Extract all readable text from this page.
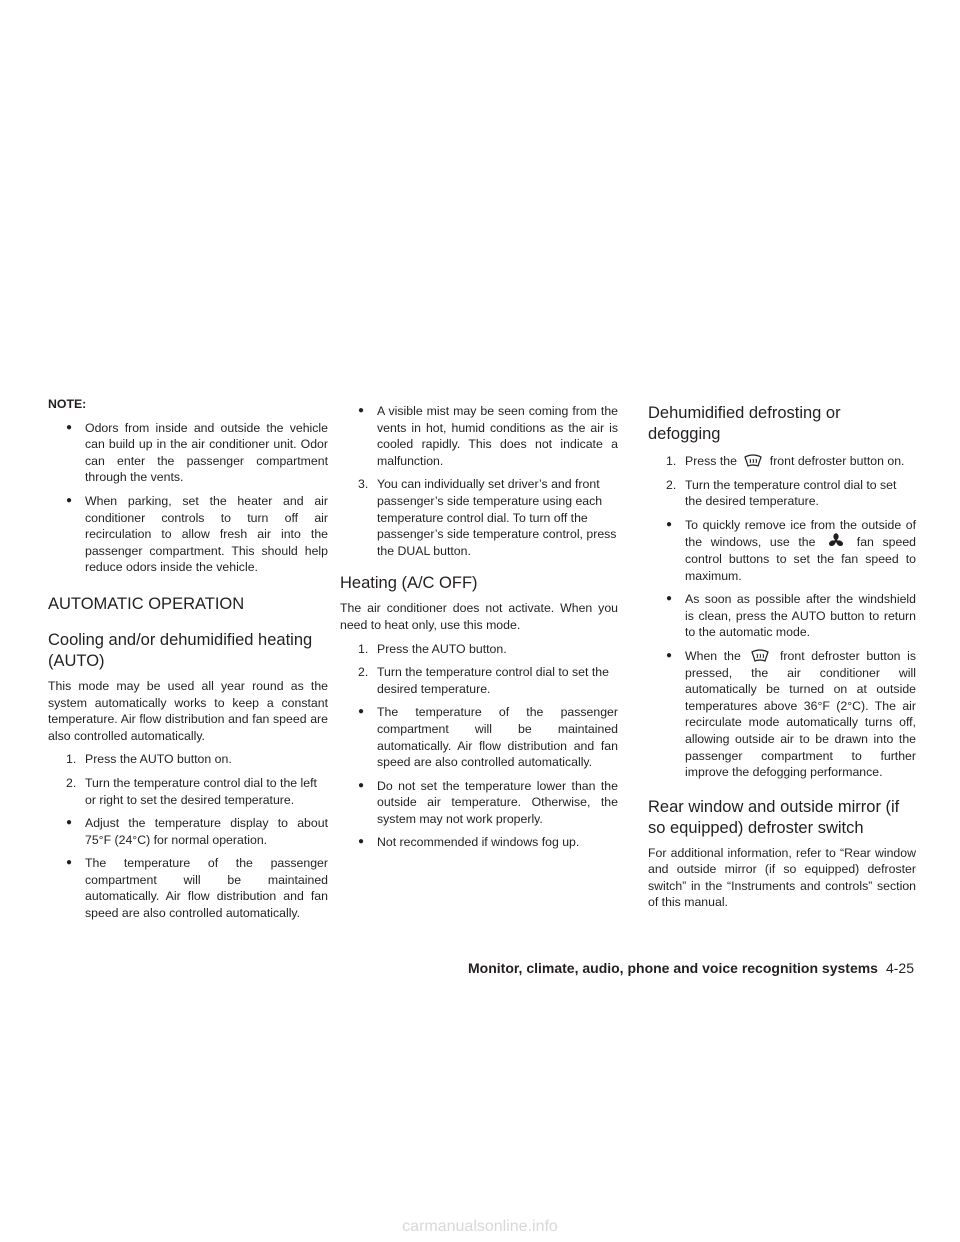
NOTE:

● Odors from inside and outside the vehicle can build up in the air conditioner unit. Odor can enter the passenger compartment through the vents.

● When parking, set the heater and air conditioner controls to turn off air recirculation to allow fresh air into the passenger compartment. This should help reduce odors inside the vehicle.

AUTOMATIC OPERATION
Cooling and/or dehumidified heating (AUTO)

This mode may be used all year round as the system automatically works to keep a constant temperature. Air flow distribution and fan speed are also controlled automatically.

1. Press the AUTO button on.
2. Turn the temperature control dial to the left or right to set the desired temperature.

● Adjust the temperature display to about 75°F (24°C) for normal operation.

● The temperature of the passenger compartment will be maintained automatically. Air flow distribution and fan speed are also controlled automatically.

● A visible mist may be seen coming from the vents in hot, humid conditions as the air is cooled rapidly. This does not indicate a malfunction.

3. You can individually set driver’s and front passenger’s side temperature using each temperature control dial. To turn off the passenger’s side temperature control, press the DUAL button.
Heating (A/C OFF)

The air conditioner does not activate. When you need to heat only, use this mode.

1. Press the AUTO button.
2. Turn the temperature control dial to set the desired temperature.

● The temperature of the passenger compartment will be maintained automatically. Air flow distribution and fan speed are also controlled automatically.

● Do not set the temperature lower than the outside air temperature. Otherwise, the system may not work properly.

● Not recommended if windows fog up.

Dehumidified defrosting or defogging
1. Press the	front defroster button on.
2. Turn the temperature control dial to set the desired temperature.

● To quickly remove ice from the outside of the windows, use the	fan speed control buttons to set the fan speed to maximum.

● As soon as possible after the windshield is clean, press the AUTO button to return to the automatic mode.

● When the	front defroster button is pressed, the air conditioner will automatically be turned on at outside temperatures above 36°F (2°C). The air recirculate mode automatically turns off, allowing outside air to be drawn into the passenger compartment to further improve the defogging performance.

Rear window and outside mirror (if so equipped) defroster switch

For additional information, refer to “Rear window and outside mirror (if so equipped) defroster switch” in the “Instruments and controls” section of this manual.

Monitor, climate, audio, phone and voice recognition systems 4-25
carmanualsonline.info
